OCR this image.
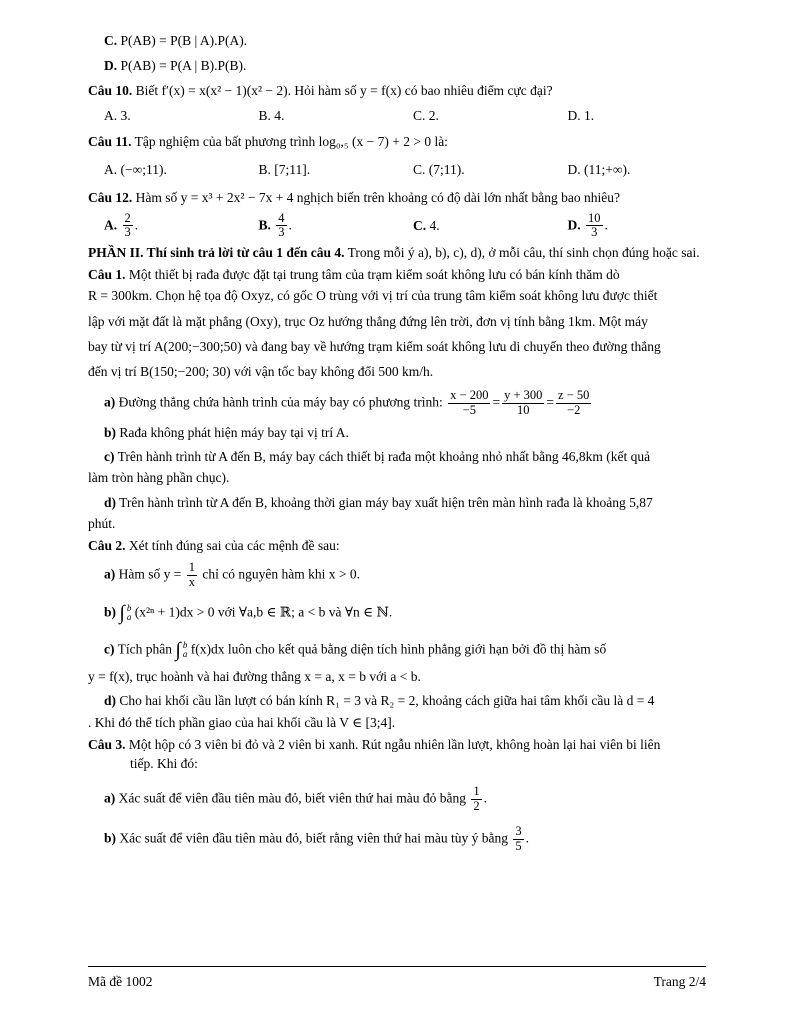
C. P(AB) = P(B | A).P(A).

D. P(AB) = P(A | B).P(B).

Câu 10. Biết f′(x) = x(x² − 1)(x² − 2). Hỏi hàm số y = f(x) có bao nhiêu điểm cực đại?

A. 3.	B. 4.	C. 2.	D. 1.

Câu 11. Tập nghiệm của bất phương trình log₀,₅ (x − 7) + 2 > 0 là:

A. (−∞;11).	B. [7;11].	C. (7;11).	D. (11;+∞).

Câu 12. Hàm số y = x³ + 2x² − 7x + 4 nghịch biến trên khoảng có độ dài lớn nhất bằng bao nhiêu?

A. $\frac{2}{3}$ .	B. $\frac{4}{3}$ .	C. 4.	D. $\frac{10}{3}$ .

PHẦN II. Thí sinh trả lời từ câu 1 đến câu 4. Trong mỗi ý a), b), c), d), ở mỗi câu, thí sinh chọn đúng hoặc sai.

Câu 1. Một thiết bị rađa được đặt tại trung tâm của trạm kiểm soát không lưu có bán kính thăm dò

R = 300km. Chọn hệ tọa độ Oxyz, có gốc O trùng với vị trí của trung tâm kiểm soát không lưu được thiết

lập với mặt đất là mặt phẳng (Oxy), trục Oz hướng thẳng đứng lên trời, đơn vị tính bằng 1km. Một máy

bay từ vị trí A(200;−300;50) và đang bay về hướng trạm kiểm soát không lưu di chuyển theo đường thẳng

đến vị trí B(150;−200; 30) với vận tốc bay không đổi 500 km/h.

a) Đường thẳng chứa hành trình của máy bay có phương trình: $\frac{x - 200}{-5} = \frac{y + 300}{10} = \frac{z - 50}{-2}$

b) Rađa không phát hiện máy bay tại vị trí A.

c) Trên hành trình từ A đến B, máy bay cách thiết bị rađa một khoảng nhỏ nhất bằng 46,8km (kết quả

làm tròn hàng phần chục).

d) Trên hành trình từ A đến B, khoảng thời gian máy bay xuất hiện trên màn hình rađa là khoảng 5,87

phút.

Câu 2. Xét tính đúng sai của các mệnh đề sau:

a) Hàm số $y = \frac{1}{x}$ chỉ có nguyên hàm khi x > 0.

b) ∫ b
a (x²ⁿ + 1)dx > 0 với ∀a,b ∈ ℝ; a < b và ∀n ∈ ℕ.

c) Tích phân ∫ b
a f(x)dx luôn cho kết quả bằng diện tích hình phẳng giới hạn bởi đồ thị hàm số

y = f(x), trục hoành và hai đường thẳng x = a, x = b với a < b.

d) Cho hai khối cầu lần lượt có bán kính R₁ = 3 và R₂ = 2, khoảng cách giữa hai tâm khối cầu là d = 4

. Khi đó thể tích phần giao của hai khối cầu là V ∈ [3;4].

Câu 3. Một hộp có 3 viên bi đỏ và 2 viên bi xanh. Rút ngẫu nhiên lần lượt, không hoàn lại hai viên bi liên

tiếp. Khi đó:

a) Xác suất để viên đầu tiên màu đỏ, biết viên thứ hai màu đỏ bằng $\frac{1}{2}$ .

b) Xác suất để viên đầu tiên màu đỏ, biết rằng viên thứ hai màu tùy ý bằng $\frac{3}{5}$ .

Mã đề 1002	Trang 2/4
